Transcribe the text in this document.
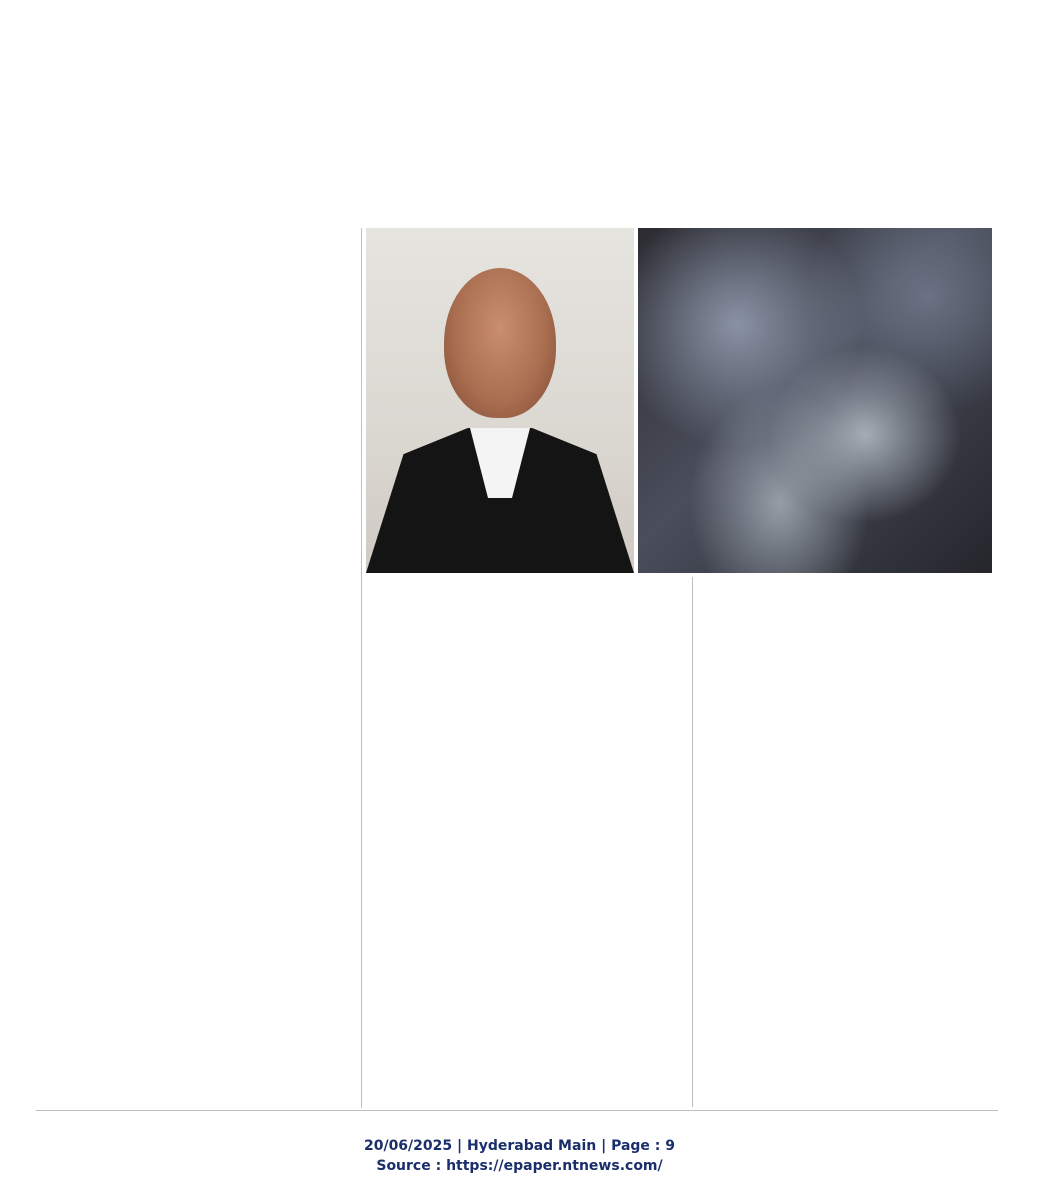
20/06/2025 | Hyderabad Main | Page : 9
Source : https://epaper.ntnews.com/
